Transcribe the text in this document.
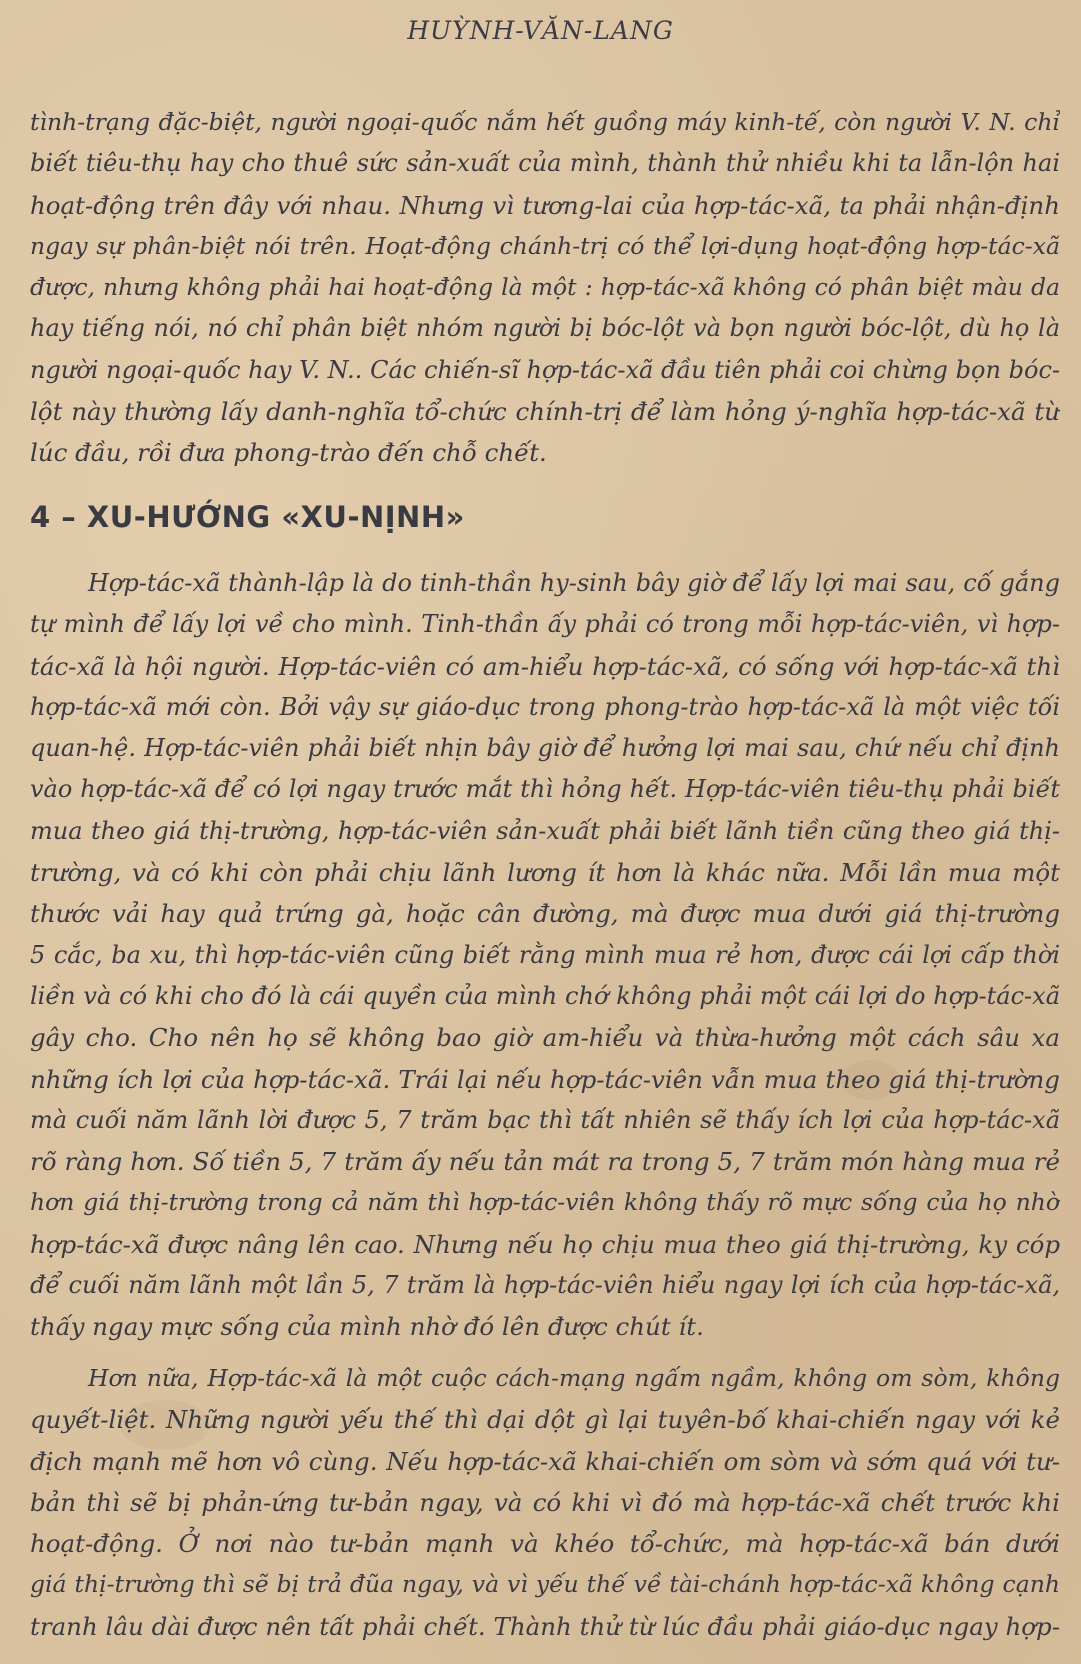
HUỲNH-VĂN-LANG
tình-trạng đặc-biệt, người ngoại-quốc nắm hết guồng máy kinh-tế, còn người V. N. chỉ
biết tiêu-thụ hay cho thuê sức sản-xuất của mình, thành thử nhiều khi ta lẫn-lộn hai
hoạt-động trên đây với nhau. Nhưng vì tương-lai của hợp-tác-xã, ta phải nhận-định
ngay sự phân-biệt nói trên. Hoạt-động chánh-trị có thể lợi-dụng hoạt-động hợp-tác-xã
được, nhưng không phải hai hoạt-động là một : hợp-tác-xã không có phân biệt màu da
hay tiếng nói, nó chỉ phân biệt nhóm người bị bóc-lột và bọn người bóc-lột, dù họ là
người ngoại-quốc hay V. N.. Các chiến-sĩ hợp-tác-xã đầu tiên phải coi chừng bọn bóc-
lột này thường lấy danh-nghĩa tổ-chức chính-trị để làm hỏng ý-nghĩa hợp-tác-xã từ
lúc đầu, rồi đưa phong-trào đến chỗ chết.
4 – XU-HƯỚNG «XU-NỊNH»
Hợp-tác-xã thành-lập là do tinh-thần hy-sinh bây giờ để lấy lợi mai sau, cố gắng
tự mình để lấy lợi về cho mình. Tinh-thần ấy phải có trong mỗi hợp-tác-viên, vì hợp-
tác-xã là hội người. Hợp-tác-viên có am-hiểu hợp-tác-xã, có sống với hợp-tác-xã thì
hợp-tác-xã mới còn. Bởi vậy sự giáo-dục trong phong-trào hợp-tác-xã là một việc tối
quan-hệ. Hợp-tác-viên phải biết nhịn bây giờ để hưởng lợi mai sau, chứ nếu chỉ định
vào hợp-tác-xã để có lợi ngay trước mắt thì hỏng hết. Hợp-tác-viên tiêu-thụ phải biết
mua theo giá thị-trường, hợp-tác-viên sản-xuất phải biết lãnh tiền cũng theo giá thị-
trường, và có khi còn phải chịu lãnh lương ít hơn là khác nữa. Mỗi lần mua một
thước vải hay quả trứng gà, hoặc cân đường, mà được mua dưới giá thị-trường
5 cắc, ba xu, thì hợp-tác-viên cũng biết rằng mình mua rẻ hơn, được cái lợi cấp thời
liền và có khi cho đó là cái quyền của mình chớ không phải một cái lợi do hợp-tác-xã
gây cho. Cho nên họ sẽ không bao giờ am-hiểu và thừa-hưởng một cách sâu xa
những ích lợi của hợp-tác-xã. Trái lại nếu hợp-tác-viên vẫn mua theo giá thị-trường
mà cuối năm lãnh lời được 5, 7 trăm bạc thì tất nhiên sẽ thấy ích lợi của hợp-tác-xã
rõ ràng hơn. Số tiền 5, 7 trăm ấy nếu tản mát ra trong 5, 7 trăm món hàng mua rẻ
hơn giá thị-trường trong cả năm thì hợp-tác-viên không thấy rõ mực sống của họ nhờ
hợp-tác-xã được nâng lên cao. Nhưng nếu họ chịu mua theo giá thị-trường, ky cóp
để cuối năm lãnh một lần 5, 7 trăm là hợp-tác-viên hiểu ngay lợi ích của hợp-tác-xã,
thấy ngay mực sống của mình nhờ đó lên được chút ít.
Hơn nữa, Hợp-tác-xã là một cuộc cách-mạng ngấm ngầm, không om sòm, không
quyết-liệt. Những người yếu thế thì dại dột gì lại tuyên-bố khai-chiến ngay với kẻ
địch mạnh mẽ hơn vô cùng. Nếu hợp-tác-xã khai-chiến om sòm và sớm quá với tư-
bản thì sẽ bị phản-ứng tư-bản ngay, và có khi vì đó mà hợp-tác-xã chết trước khi
hoạt-động. Ở nơi nào tư-bản mạnh và khéo tổ-chức, mà hợp-tác-xã bán dưới
giá thị-trường thì sẽ bị trả đũa ngay, và vì yếu thế về tài-chánh hợp-tác-xã không cạnh
tranh lâu dài được nên tất phải chết. Thành thử từ lúc đầu phải giáo-dục ngay hợp-
